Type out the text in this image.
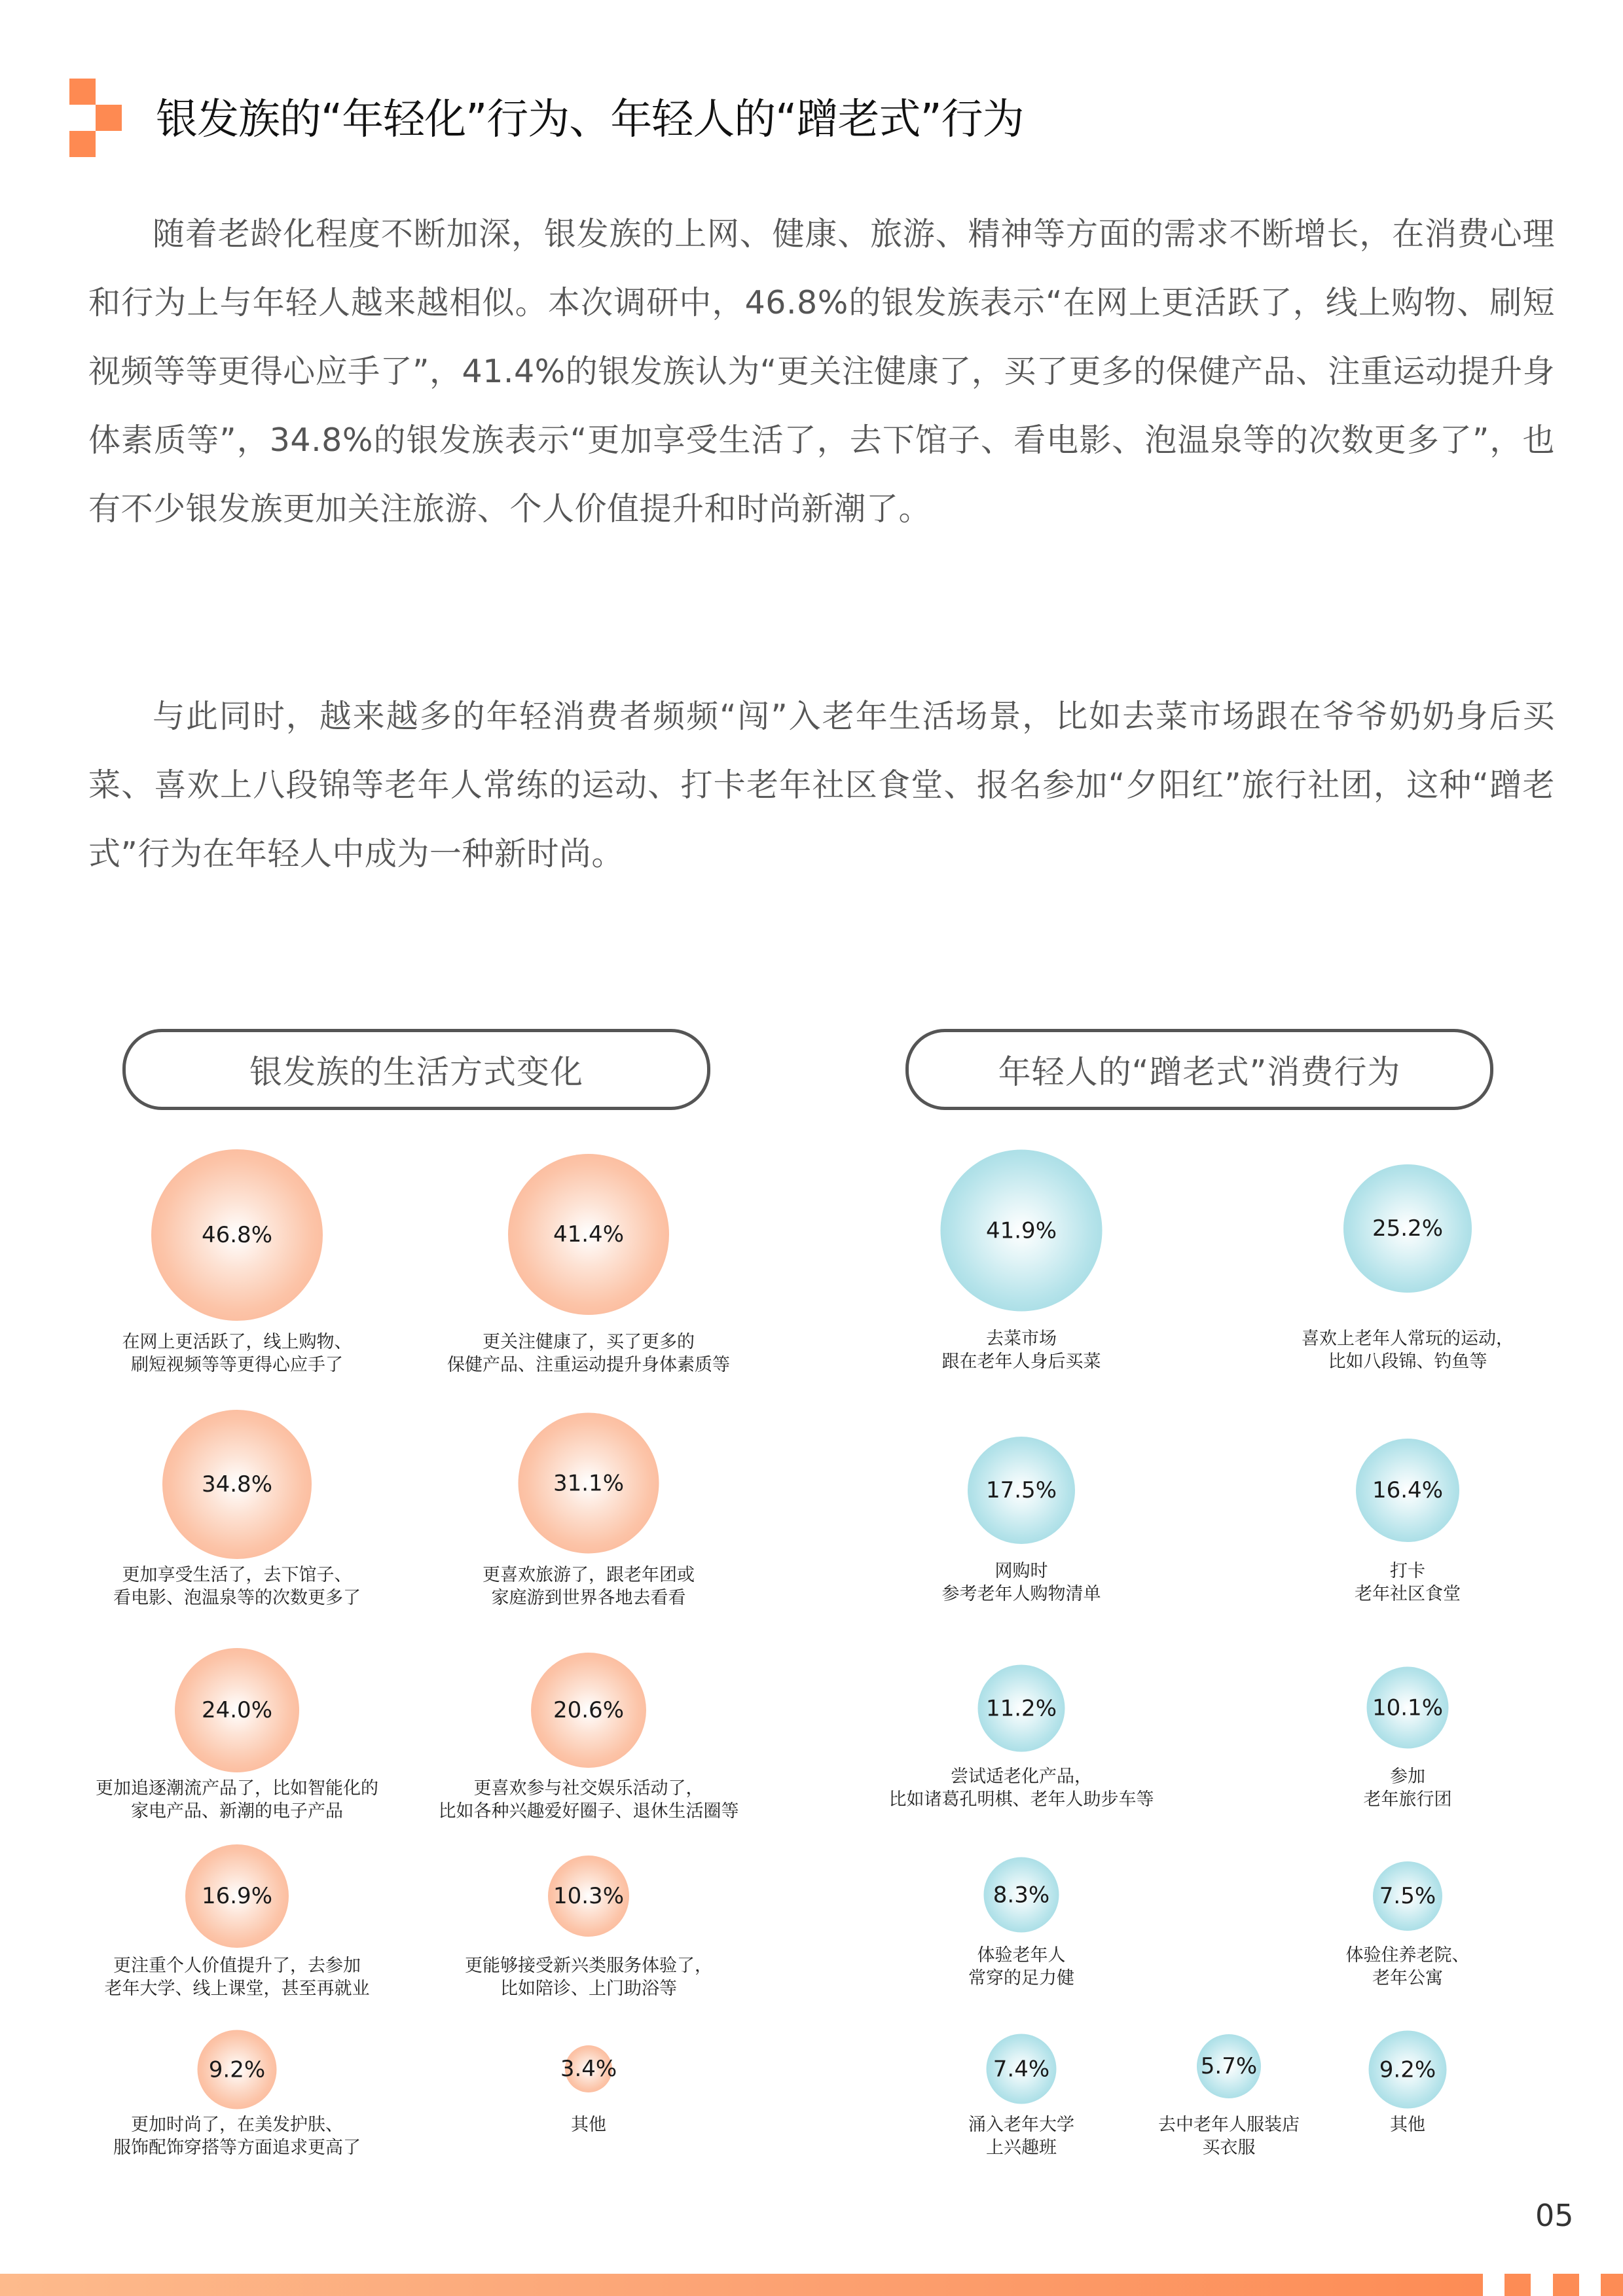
银发族的“年轻化”行为、年轻人的“蹭老式”行为
随着老龄化程度不断加深，银发族的上网、健康、旅游、精神等方面的需求不断增长，在消费心理和行为上与年轻人越来越相似。本次调研中，46.8%的银发族表示“在网上更活跃了，线上购物、刷短视频等等更得心应手了”，41.4%的银发族认为“更关注健康了，买了更多的保健产品、注重运动提升身体素质等”，34.8%的银发族表示“更加享受生活了，去下馆子、看电影、泡温泉等的次数更多了”，也有不少银发族更加关注旅游、个人价值提升和时尚新潮了。
与此同时，越来越多的年轻消费者频频“闯”入老年生活场景，比如去菜市场跟在爷爷奶奶身后买菜、喜欢上八段锦等老年人常练的运动、打卡老年社区食堂、报名参加“夕阳红”旅行社团，这种“蹭老式”行为在年轻人中成为一种新时尚。
银发族的生活方式变化	年轻人的“蹭老式”消费行为
46.8%
在网上更活跃了，线上购物、
刷短视频等等更得心应手了
41.4%
更关注健康了，买了更多的
保健产品、注重运动提升身体素质等
34.8%
更加享受生活了，去下馆子、
看电影、泡温泉等的次数更多了
31.1%
更喜欢旅游了，跟老年团或
家庭游到世界各地去看看
24.0%
更加追逐潮流产品了，比如智能化的
家电产品、新潮的电子产品
20.6%
更喜欢参与社交娱乐活动了，
比如各种兴趣爱好圈子、退休生活圈等
16.9%
更注重个人价值提升了，去参加
老年大学、线上课堂，甚至再就业
10.3%
更能够接受新兴类服务体验了，
比如陪诊、上门助浴等
9.2%
更加时尚了，在美发护肤、
服饰配饰穿搭等方面追求更高了
3.4%
其他
41.9%
去菜市场
跟在老年人身后买菜
25.2%
喜欢上老年人常玩的运动，
比如八段锦、钓鱼等
17.5%
网购时
参考老年人购物清单
16.4%
打卡
老年社区食堂
11.2%
尝试适老化产品，
比如诸葛孔明棋、老年人助步车等
10.1%
参加
老年旅行团
8.3%
体验老年人
常穿的足力健
7.5%
体验住养老院、
老年公寓
7.4%
涌入老年大学
上兴趣班
5.7%
去中老年人服装店
买衣服
9.2%
其他
05
